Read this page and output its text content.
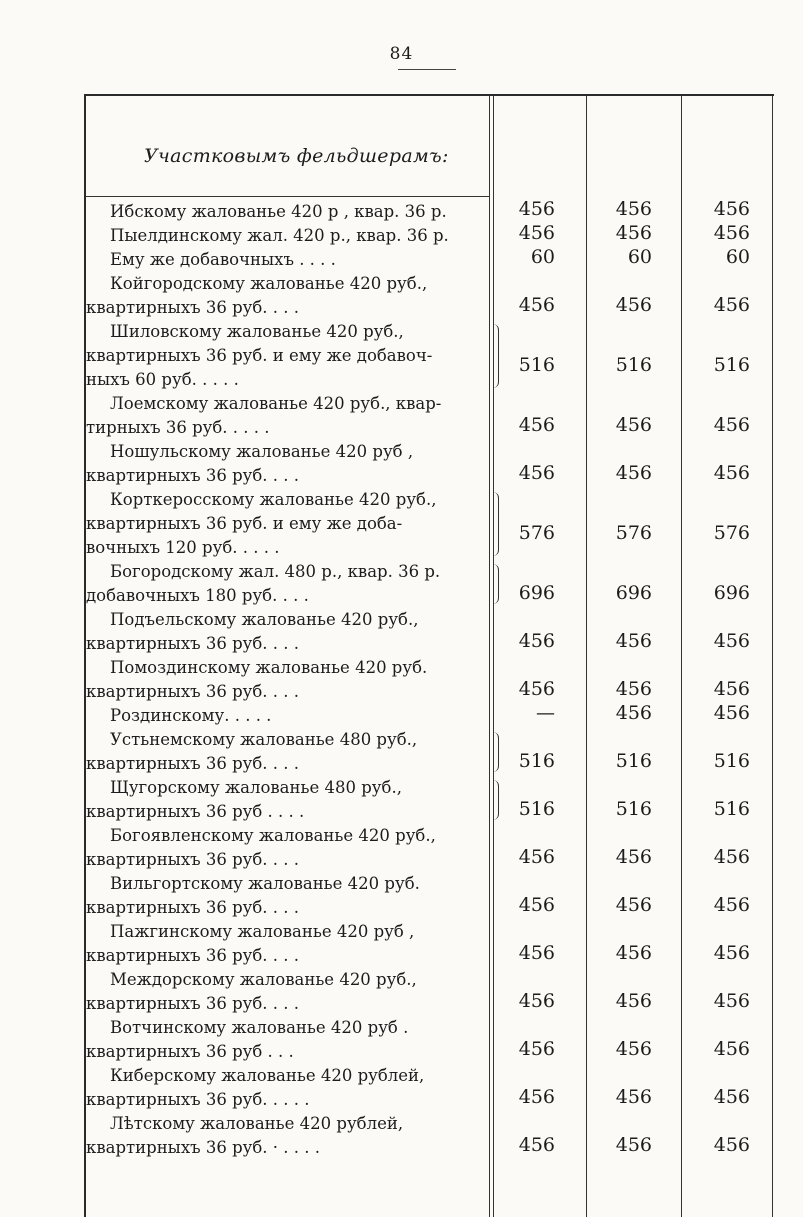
84
Участковымъ фельдшерамъ:
Ибскому жалованье 420 р , квар. 36 р.	456	456	456
Пыелдинскому жал. 420 р., квар. 36 р.	456	456	456
Ему же добавочныхъ . . . .	60	60	60
Койгородскому жалованье 420 руб.,
квартирныхъ 36 руб. . . .	456	456	456
Шиловскому жалованье 420 руб.,
квартирныхъ 36 руб. и ему же добавоч-
ныхъ 60 руб. . . . .
516	516	516
Лоемскому жалованье 420 руб., квар-
тирныхъ 36 руб. . . . .	456	456	456
Ношульскому жалованье 420 руб ,
квартирныхъ 36 руб. . . .	456	456	456
Корткеросскому жалованье 420 руб.,
квартирныхъ 36 руб. и ему же доба-
вочныхъ 120 руб. . . . .
576	576	576
Богородскому жал. 480 р., квар. 36 р.
добавочныхъ 180 руб. . . .	696	696	696
Подъельскому жалованье 420 руб.,
квартирныхъ 36 руб. . . .	456	456	456
Помоздинскому жалованье 420 руб.
квартирныхъ 36 руб. . . .	456	456	456
Роздинскому. . . . .	—	456	456
Устьнемскому жалованье 480 руб.,
квартирныхъ 36 руб. . . .	516	516	516
Щугорскому жалованье 480 руб.,
квартирныхъ 36 руб . . . .	516	516	516
Богоявленскому жалованье 420 руб.,
квартирныхъ 36 руб. . . .	456	456	456
Вильгортскому жалованье 420 руб.
квартирныхъ 36 руб. . . .	456	456	456
Пажгинскому жалованье 420 руб ,
квартирныхъ 36 руб. . . .	456	456	456
Междорскому жалованье 420 руб.,
квартирныхъ 36 руб. . . .	456	456	456
Вотчинскому жалованье 420 руб .
квартирныхъ 36 руб . . .	456	456	456
Киберскому жалованье 420 рублей,
квартирныхъ 36 руб. . . . .	456	456	456
Лѣтскому жалованье 420 рублей,
квартирныхъ 36 руб. · . . . .	456	456	456
